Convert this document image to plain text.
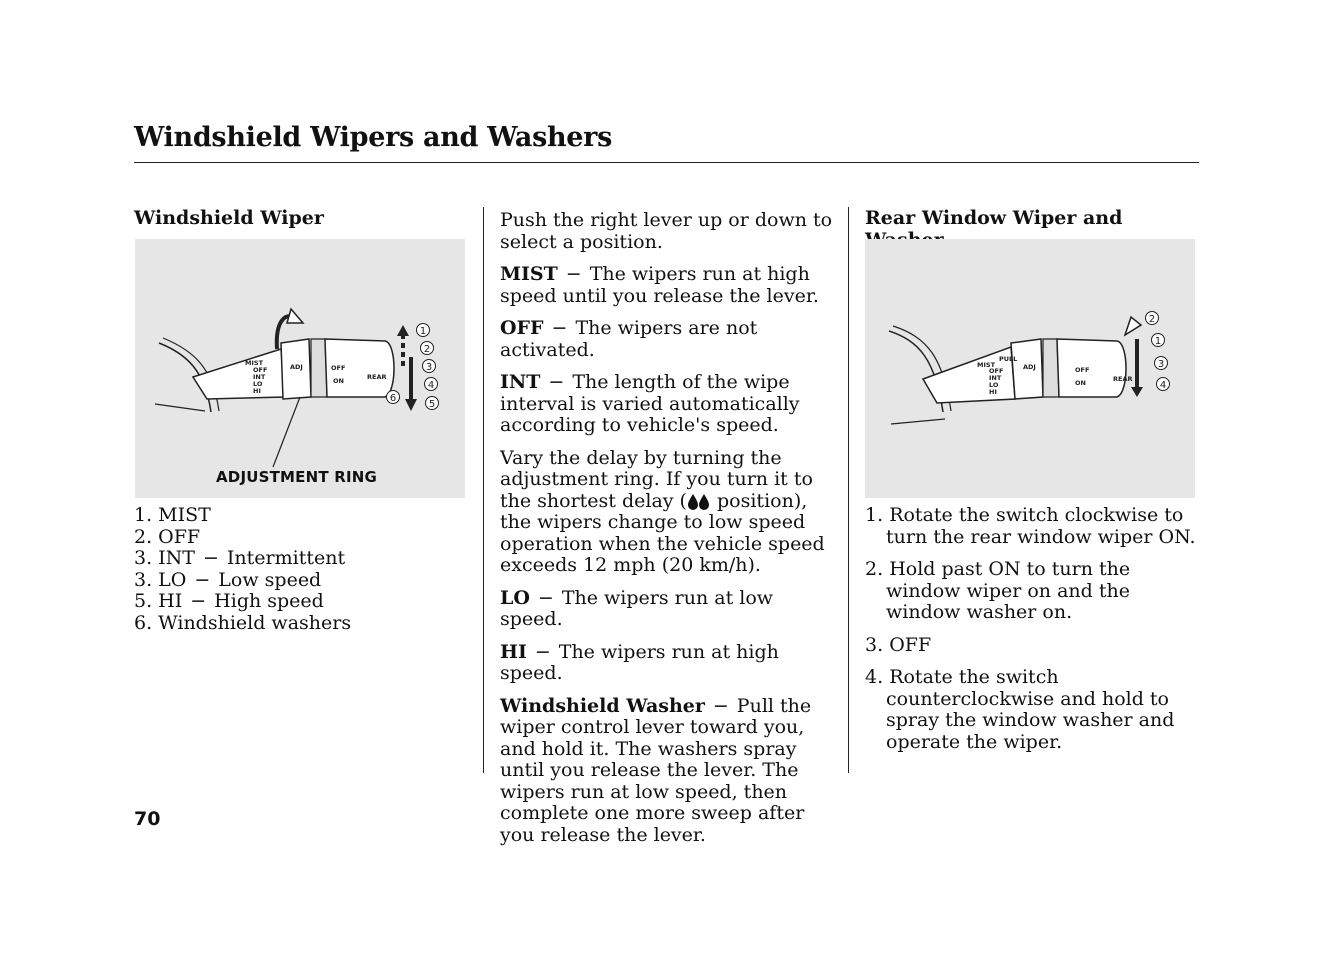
Windshield Wipers and Washers

Windshield Wiper

MIST
OFF
INT
LO
HI
ADJ	OFF
ON	REAR
1
2
3
4
5
6
ADJUSTMENT RING
1. MIST
2. OFF
3. INT − Intermittent
3. LO − Low speed
5. HI − High speed
6. Windshield washers

Push the right lever up or down to select a position.

MIST − The wipers run at high speed until you release the lever.

OFF − The wipers are not activated.

INT − The length of the wipe interval is varied automatically according to vehicle's speed.

Vary the delay by turning the adjustment ring. If you turn it to the shortest delay ( position), the wipers change to low speed operation when the vehicle speed exceeds 12 mph (20 km/h).

LO − The wipers run at low speed.

HI − The wipers run at high speed.

Windshield Washer − Pull the wiper control lever toward you, and hold it. The washers spray until you release the lever. The wipers run at low speed, then complete one more sweep after you release the lever.

Rear Window Wiper and

MIST
PULL
OFF
INT
LO
HI
ADJ	OFF
ON	REAR
2
1
3
4
1. Rotate the switch clockwise to turn the rear window wiper ON.
2. Hold past ON to turn the window wiper on and the window washer on.
3. OFF
4. Rotate the switch counterclockwise and hold to spray the window washer and operate the wiper.
70
